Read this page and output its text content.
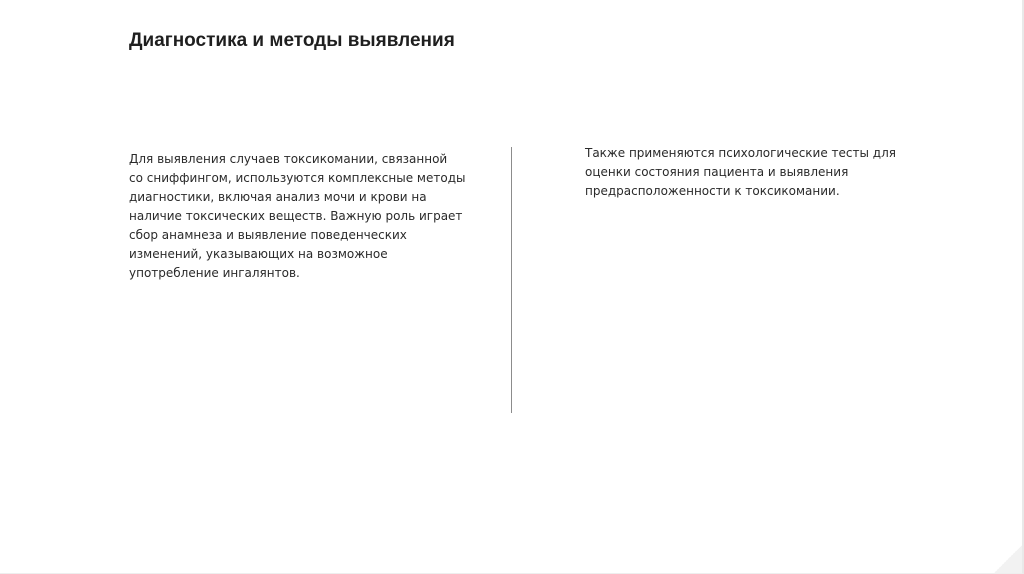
Диагностика и методы выявления

Для выявления случаев токсикомании, связанной
со сниффингом, используются комплексные методы
диагностики, включая анализ мочи и крови на
наличие токсических веществ. Важную роль играет
сбор анамнеза и выявление поведенческих
изменений, указывающих на возможное
употребление ингалянтов.

Также применяются психологические тесты для
оценки состояния пациента и выявления
предрасположенности к токсикомании.
